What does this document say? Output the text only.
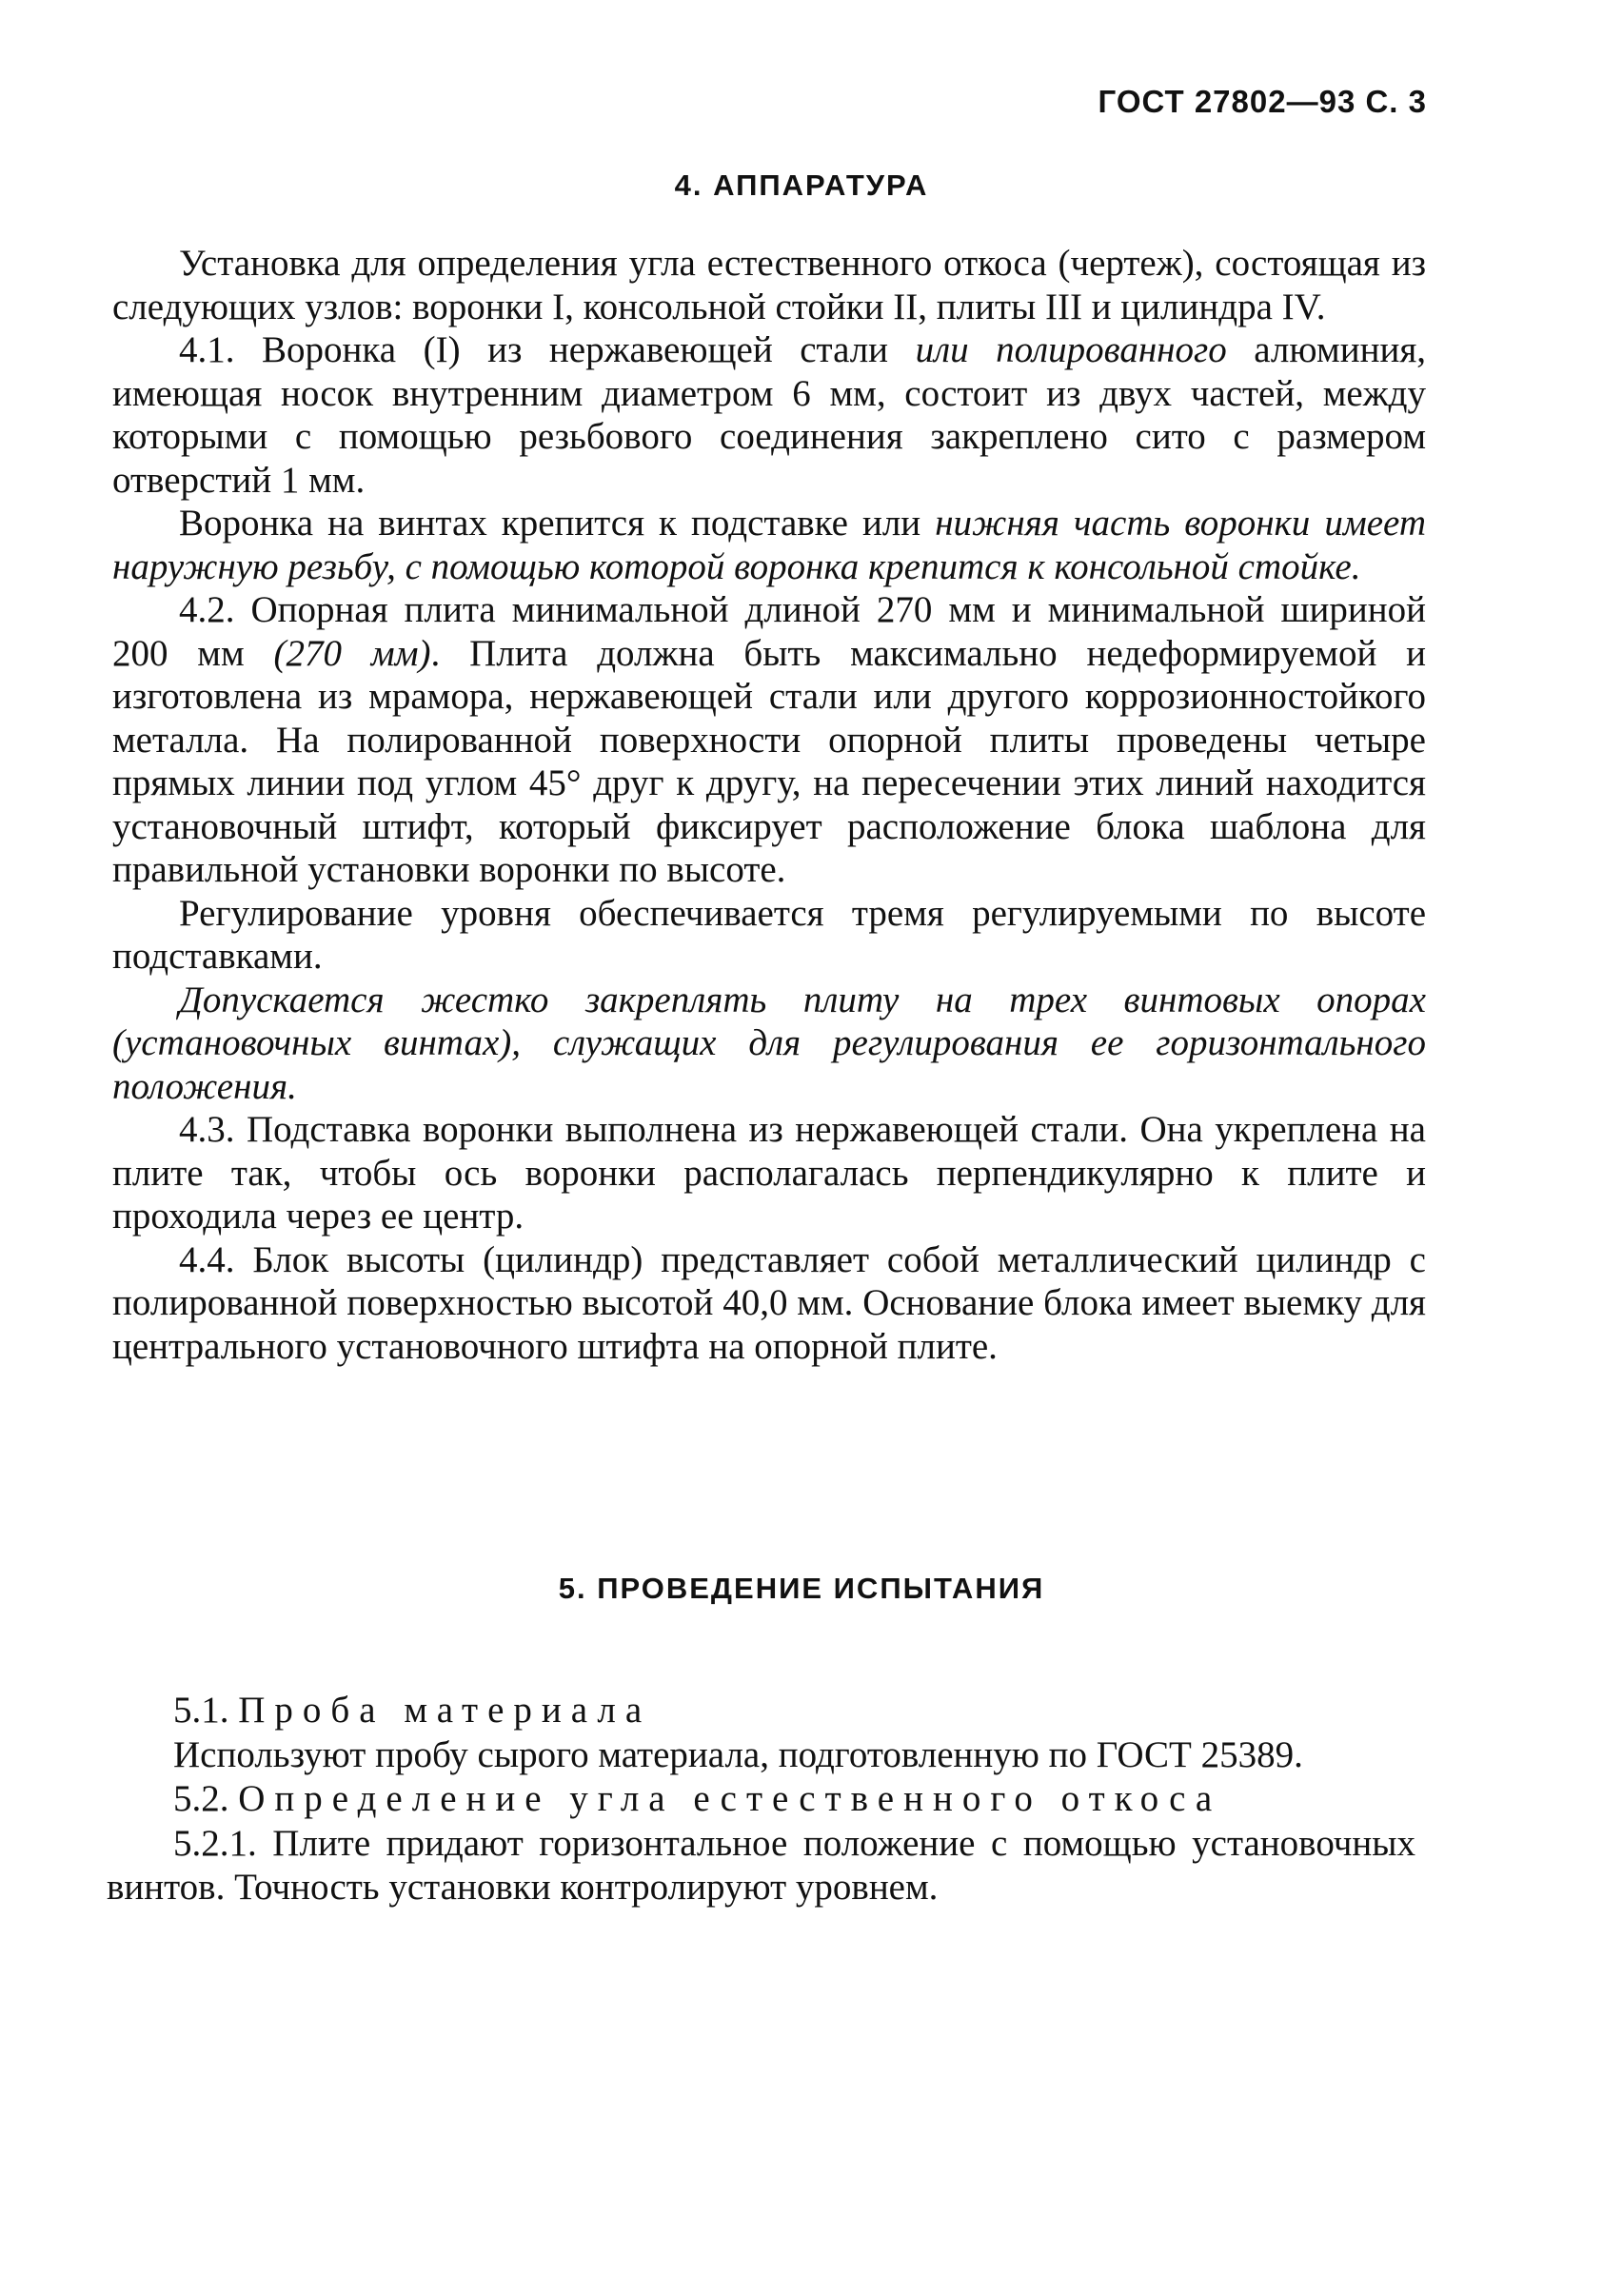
ГОСТ 27802—93 С. 3
4. АППАРАТУРА

Установка для определения угла естественного откоса (чертеж), состоящая из следующих узлов: воронки I, консольной стойки II, плиты III и цилиндра IV.

4.1. Воронка (I) из нержавеющей стали или полированного алюминия, имеющая носок внутренним диаметром 6 мм, состоит из двух частей, между которыми с помощью резьбового соединения закреплено сито с размером отверстий 1 мм.

Воронка на винтах крепится к подставке или нижняя часть воронки имеет наружную резьбу, с помощью которой воронка крепится к консольной стойке.

4.2. Опорная плита минимальной длиной 270 мм и минимальной шириной 200 мм (270 мм). Плита должна быть максимально недеформируемой и изготовлена из мрамора, нержавеющей стали или другого коррозионностойкого металла. На полированной поверхности опорной плиты проведены четыре прямых линии под углом 45° друг к другу, на пересечении этих линий находится установочный штифт, который фиксирует расположение блока шаблона для правильной установки воронки по высоте.

Регулирование уровня обеспечивается тремя регулируемыми по высоте подставками.

Допускается жестко закреплять плиту на трех винтовых опорах (установочных винтах), служащих для регулирования ее горизонтального положения.

4.3. Подставка воронки выполнена из нержавеющей стали. Она укреплена на плите так, чтобы ось воронки располагалась перпендикулярно к плите и проходила через ее центр.

4.4. Блок высоты (цилиндр) представляет собой металлический цилиндр с полированной поверхностью высотой 40,0 мм. Основание блока имеет выемку для центрального установочного штифта на опорной плите.

5. ПРОВЕДЕНИЕ ИСПЫТАНИЯ

5.1. Проба материала

Используют пробу сырого материала, подготовленную по ГОСТ 25389.

5.2. Определение угла естественного откоса

5.2.1. Плите придают горизонтальное положение с помощью установочных винтов. Точность установки контролируют уровнем.
